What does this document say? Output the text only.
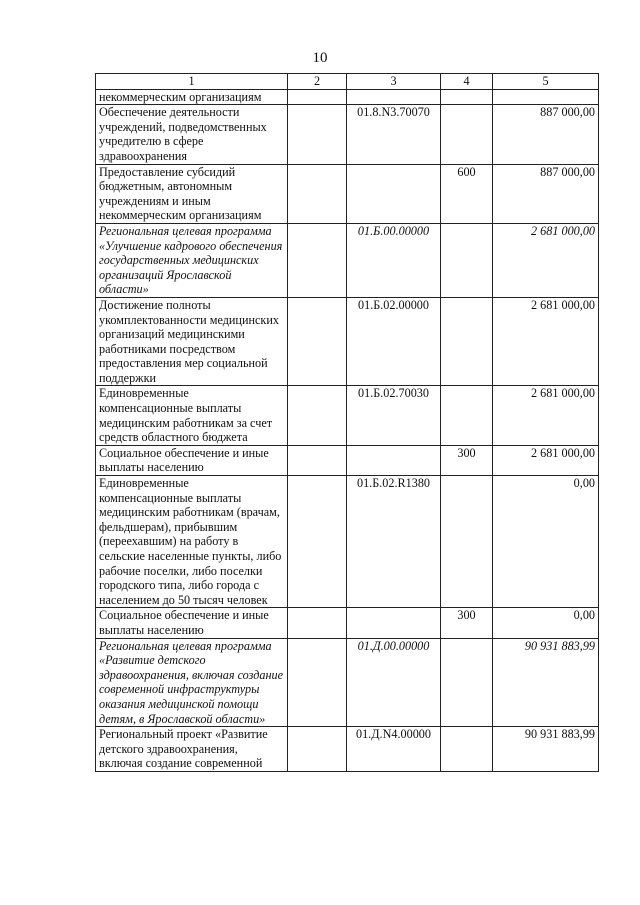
10
1	2	3	4	5
некоммерческим организациям				
Обеспечение деятельности учреждений, подведомственных учредителю в сфере здравоохранения		01.8.N3.70070		887 000,00
Предоставление субсидий бюджетным, автономным учреждениям и иным некоммерческим организациям			600	887 000,00
Региональная целевая программа «Улучшение кадрового обеспечения государственных медицинских организаций Ярославской области»		01.Б.00.00000		2 681 000,00
Достижение полноты укомплектованности медицинских организаций медицинскими работниками посредством предоставления мер социальной поддержки		01.Б.02.00000		2 681 000,00
Единовременные компенсационные выплаты медицинским работникам за счет средств областного бюджета		01.Б.02.70030		2 681 000,00
Социальное обеспечение и иные выплаты населению			300	2 681 000,00
Единовременные компенсационные выплаты медицинским работникам (врачам, фельдшерам), прибывшим (переехавшим) на работу в сельские населенные пункты, либо рабочие поселки, либо поселки городского типа, либо города с населением до 50 тысяч человек		01.Б.02.R1380		0,00
Социальное обеспечение и иные выплаты населению			300	0,00
Региональная целевая программа «Развитие детского здравоохранения, включая создание современной инфраструктуры оказания медицинской помощи детям, в Ярославской области»		01.Д.00.00000		90 931 883,99
Региональный проект «Развитие детского здравоохранения, включая создание современной		01.Д.N4.00000		90 931 883,99
